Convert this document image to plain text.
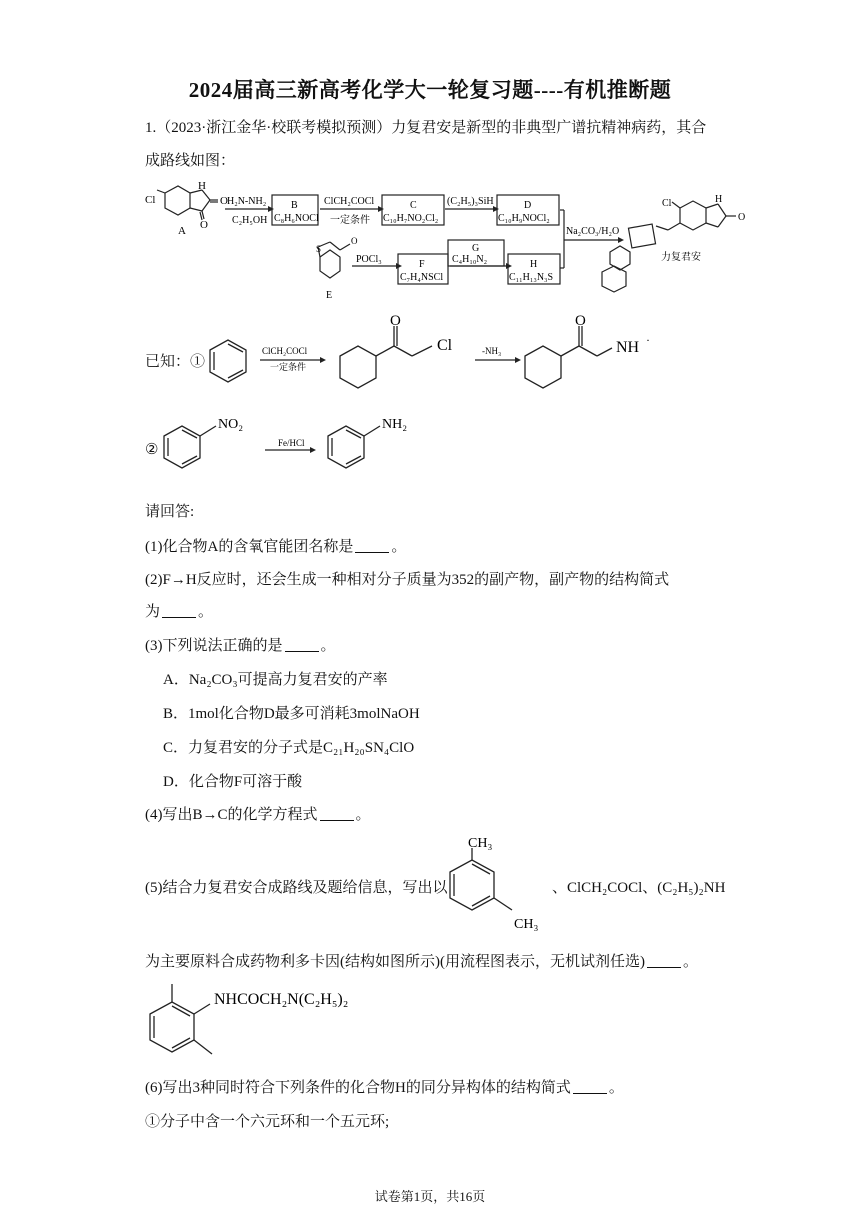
2024届高三新高考化学大一轮复习题----有机推断题
1.（2023·浙江金华·校联考模拟预测）力复君安是新型的非典型广谱抗精神病药，其合
成路线如图：
Cl
H
O
O
A
H₂N-NH₂
C₂H₅OH
B
C₈H₆NOCl
ClCH₂COCl
一定条件
C
C₁₀H₇NO₂Cl₂
(C₂H₅)₃SiH	D
C₁₀H₉NOCl₂
Na₂CO₃/H₂O
Cl	H
O
力复君安
S
O
E
POCl₃	F
C₇H₄NSCl
G
C₄H₁₀N₂	H
C₁₁H₁₃N₃S
已知：①
ClCH₂COCl
一定条件
O
Cl	-NH₃
O
NH ·
②
NO₂
Fe/HCl
NH₂
请回答:
(1)化合物A的含氧官能团名称是	。
(2)F→H反应时，还会生成一种相对分子质量为352的副产物，副产物的结构简式
为	。
(3)下列说法正确的是	。
A．Na₂CO₃可提高力复君安的产率
B．1mol化合物D最多可消耗3molNaOH
C．力复君安的分子式是C₂₁H₂₀SN₄ClO
D．化合物F可溶于酸
(4)写出B→C的化学方程式	。
(5)结合力复君安合成路线及题给信息，写出以
CH₃
CH₃
、ClCH₂COCl、(C₂H₅)₂NH
为主要原料合成药物利多卡因(结构如图所示)(用流程图表示，无机试剂任选)	。
NHCOCH₂N(C₂H₅)₂
(6)写出3种同时符合下列条件的化合物H的同分异构体的结构简式	。
①分子中含一个六元环和一个五元环;
试卷第1页，共16页
